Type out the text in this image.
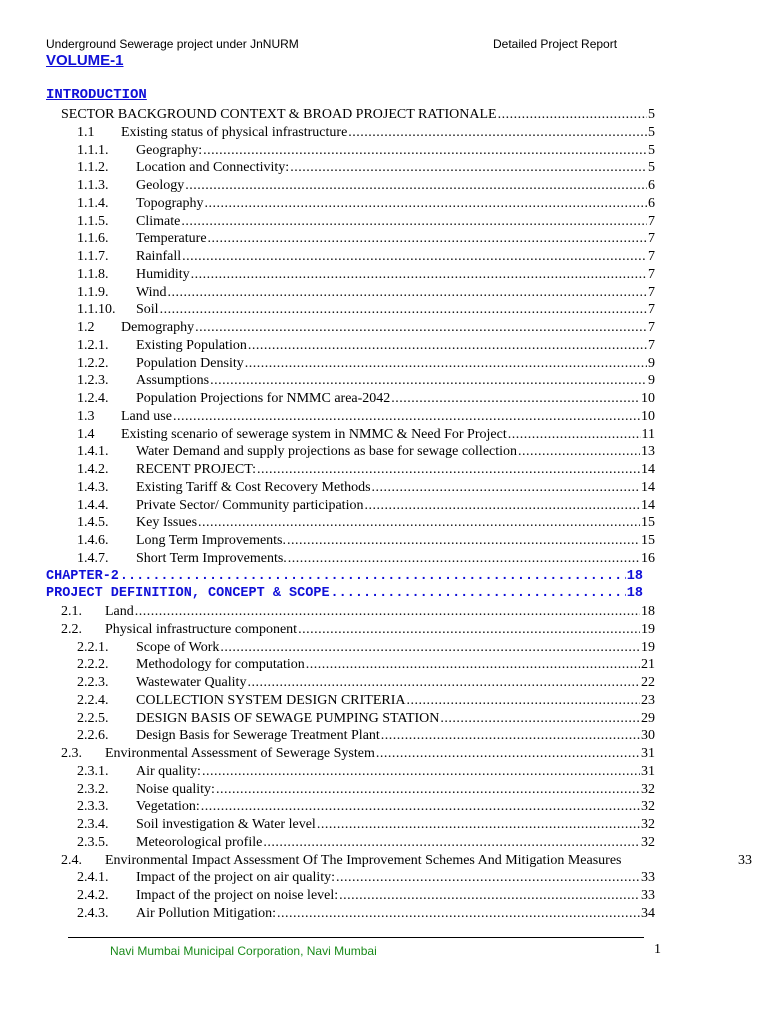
Underground Sewerage project under JnNURM	Detailed Project Report
VOLUME-1
INTRODUCTION
SECTOR BACKGROUND CONTEXT & BROAD PROJECT RATIONALE .....	5
1.1 Existing status of physical infrastructure .....	5
1.1.1. Geography: .....	5
1.1.2. Location and Connectivity: .....	5
1.1.3. Geology .....	6
1.1.4. Topography .....	6
1.1.5. Climate .....	7
1.1.6. Temperature .....	7
1.1.7. Rainfall .....	7
1.1.8. Humidity .....	7
1.1.9. Wind .....	7
1.1.10. Soil .....	7
1.2 Demography .....	7
1.2.1. Existing Population .....	7
1.2.2. Population Density .....	9
1.2.3. Assumptions .....	9
1.2.4. Population Projections for NMMC area-2042 .....	10
1.3 Land use .....	10
1.4 Existing scenario of sewerage system in NMMC & Need For Project .....	11
1.4.1. Water Demand and supply projections as base for sewage collection .....	13
1.4.2. RECENT PROJECT: .....	14
1.4.3. Existing Tariff & Cost Recovery Methods .....	14
1.4.4. Private Sector/ Community participation .....	14
1.4.5. Key Issues .....	15
1.4.6. Long Term Improvements. .....	15
1.4.7. Short Term Improvements. .....	16
CHAPTER-2 .....	18
PROJECT DEFINITION, CONCEPT & SCOPE .....	18
2.1. Land .....	18
2.2. Physical infrastructure component .....	19
2.2.1. Scope of Work .....	19
2.2.2. Methodology for computation .....	21
2.2.3. Wastewater Quality .....	22
2.2.4. COLLECTION SYSTEM DESIGN CRITERIA .....	23
2.2.5. DESIGN BASIS OF SEWAGE PUMPING STATION .....	29
2.2.6. Design Basis for Sewerage Treatment Plant .....	30
2.3. Environmental Assessment of Sewerage System .....	31
2.3.1. Air quality: .....	31
2.3.2. Noise quality: .....	32
2.3.3. Vegetation: .....	32
2.3.4. Soil investigation & Water level .....	32
2.3.5. Meteorological profile .....	32
2.4. Environmental Impact Assessment Of The Improvement Schemes And Mitigation Measures	33
2.4.1. Impact of the project on air quality: .....	33
2.4.2. Impact of the project on noise level: .....	33
2.4.3. Air Pollution Mitigation: .....	34
Navi Mumbai Municipal Corporation, Navi Mumbai	1
